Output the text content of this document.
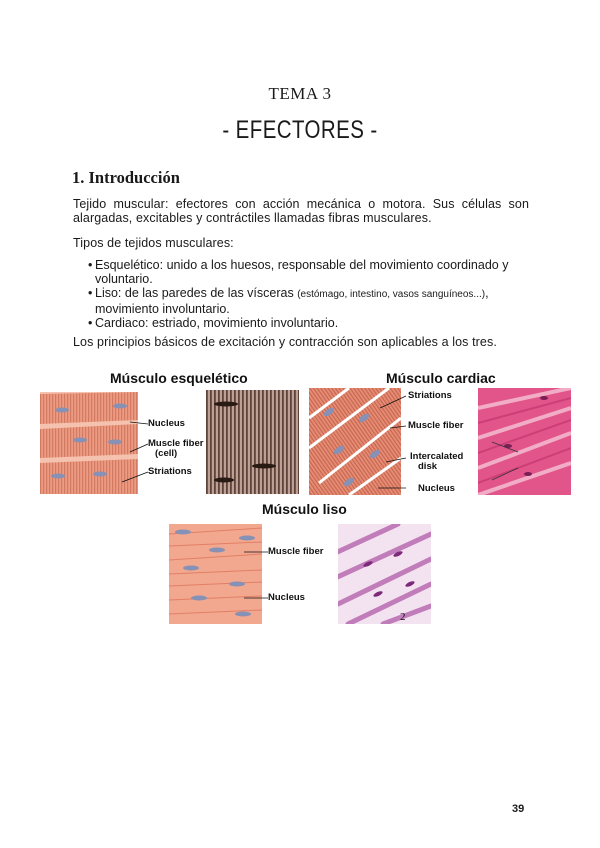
TEMA 3
- EFECTORES -
1. Introducción
Tejido muscular: efectores con acción mecánica o motora. Sus células son alargadas, excitables y contráctiles llamadas fibras musculares.
Tipos de tejidos musculares:
• Esquelético: unido a los huesos, responsable del movimiento coordinado y voluntario.
• Liso: de las paredes de las vísceras (estómago, intestino, vasos sanguíneos...), movimiento involuntario.
• Cardiaco: estriado, movimiento involuntario.
Los principios básicos de excitación y contracción son aplicables a los tres.
Músculo esquelético
Nucleus
Muscle fiber
(cell)
Striations
Músculo cardiac
Striations
Muscle fiber
Intercalated
disk
Nucleus
Músculo liso
Muscle fiber
Nucleus
2
39
